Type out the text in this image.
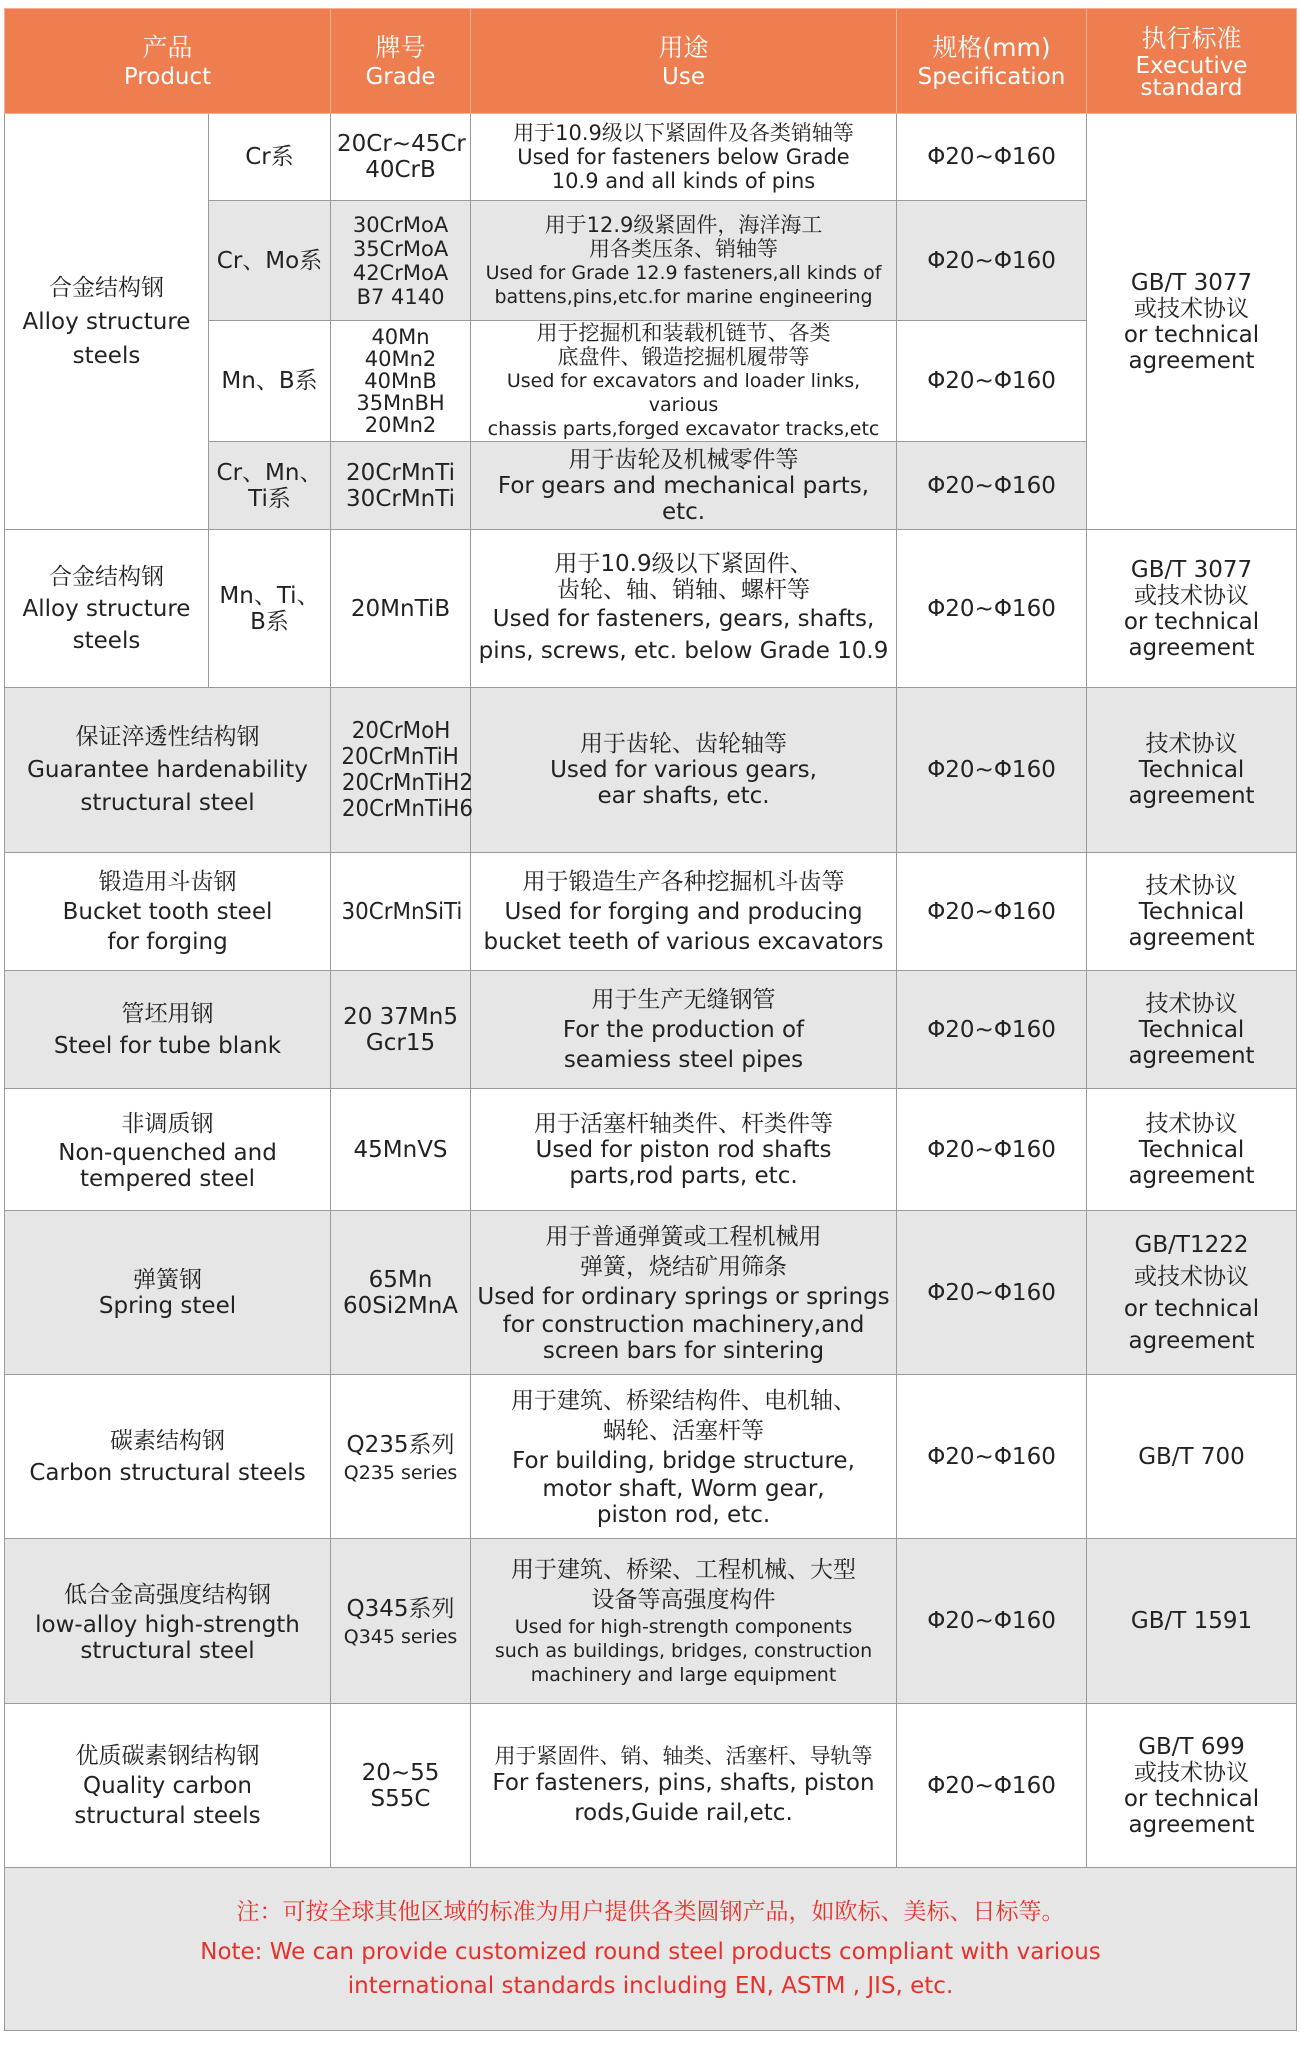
产品
Product		牌号
Grade	用途
Use	规格(mm)
Specification	执行标准
Executive standard

合金结构钢
Alloy structure
steels	Cr系	20Cr~45Cr
40CrB	用于10.9级以下紧固件及各类销轴等
Used for fasteners below Grade
10.9 and all kinds of pins	Φ20~Φ160	GB/T 3077
或技术协议
or technical
agreement

	Cr、Mo系	30CrMoA
35CrMoA
42CrMoA
B7 4140	用于12.9级紧固件，海洋海工
用各类压条、销轴等
Used for Grade 12.9 fasteners,all kinds of
battens,pins,etc.for marine engineering	Φ20~Φ160	
	Mn、B系	40Mn
40Mn2
40MnB
35MnBH
20Mn2	用于挖掘机和装载机链节、各类
底盘件、锻造挖掘机履带等
Used for excavators and loader links, various
chassis parts,forged excavator tracks,etc	Φ20~Φ160	

	Cr、Mn、
Ti系	20CrMnTi
30CrMnTi	用于齿轮及机械零件等
For gears and mechanical parts, etc.	Φ20~Φ160	

合金结构钢
Alloy structure
steels	Mn、Ti、
B系	20MnTiB	用于10.9级以下紧固件、
齿轮、轴、销轴、螺杆等
Used for fasteners, gears, shafts,
pins, screws, etc. below Grade 10.9	Φ20~Φ160	GB/T 3077
或技术协议
or technical
agreement

保证淬透性结构钢
Guarantee hardenability
structural steel		20CrMoH 20CrMnTiH 20CrMnTiH2 20CrMnTiH6	用于齿轮、齿轮轴等
Used for various gears,
ear shafts, etc.	Φ20~Φ160	技术协议
Technical
agreement

锻造用斗齿钢
Bucket tooth steel
for forging		30CrMnSiTi	用于锻造生产各种挖掘机斗齿等
Used for forging and producing
bucket teeth of various excavators	Φ20~Φ160	技术协议
Technical
agreement

管坯用钢
Steel for tube blank		20 37Mn5
Gcr15	用于生产无缝钢管
For the production of
seamiess steel pipes	Φ20~Φ160	技术协议
Technical
agreement

非调质钢
Non-quenched and
tempered steel		45MnVS	用于活塞杆轴类件、杆类件等
Used for piston rod shafts
parts,rod parts, etc.	Φ20~Φ160	技术协议
Technical
agreement

弹簧钢
Spring steel		65Mn
60Si2MnA	用于普通弹簧或工程机械用
弹簧，烧结矿用筛条
Used for ordinary springs or springs
for construction machinery,and
screen bars for sintering	Φ20~Φ160	GB/T1222
或技术协议
or technical
agreement

碳素结构钢
Carbon structural steels		Q235系列
Q235 series	用于建筑、桥梁结构件、电机轴、
蜗轮、活塞杆等
For building, bridge structure,
motor shaft, Worm gear,
piston rod, etc.	Φ20~Φ160	GB/T 700

低合金高强度结构钢
low-alloy high-strength
structural steel		Q345系列
Q345 series	用于建筑、桥梁、工程机械、大型
设备等高强度构件
Used for high-strength components
such as buildings, bridges, construction
machinery and large equipment	Φ20~Φ160	GB/T 1591

优质碳素钢结构钢
Quality carbon
structural steels		20~55
S55C	用于紧固件、销、轴类、活塞杆、导轨等
For fasteners, pins, shafts, piston
rods,Guide rail,etc.	Φ20~Φ160	GB/T 699
或技术协议
or technical
agreement

注：可按全球其他区域的标准为用户提供各类圆钢产品，如欧标、美标、日标等。
Note: We can provide customized round steel products compliant with various
international standards including EN, ASTM , JIS, etc.					
